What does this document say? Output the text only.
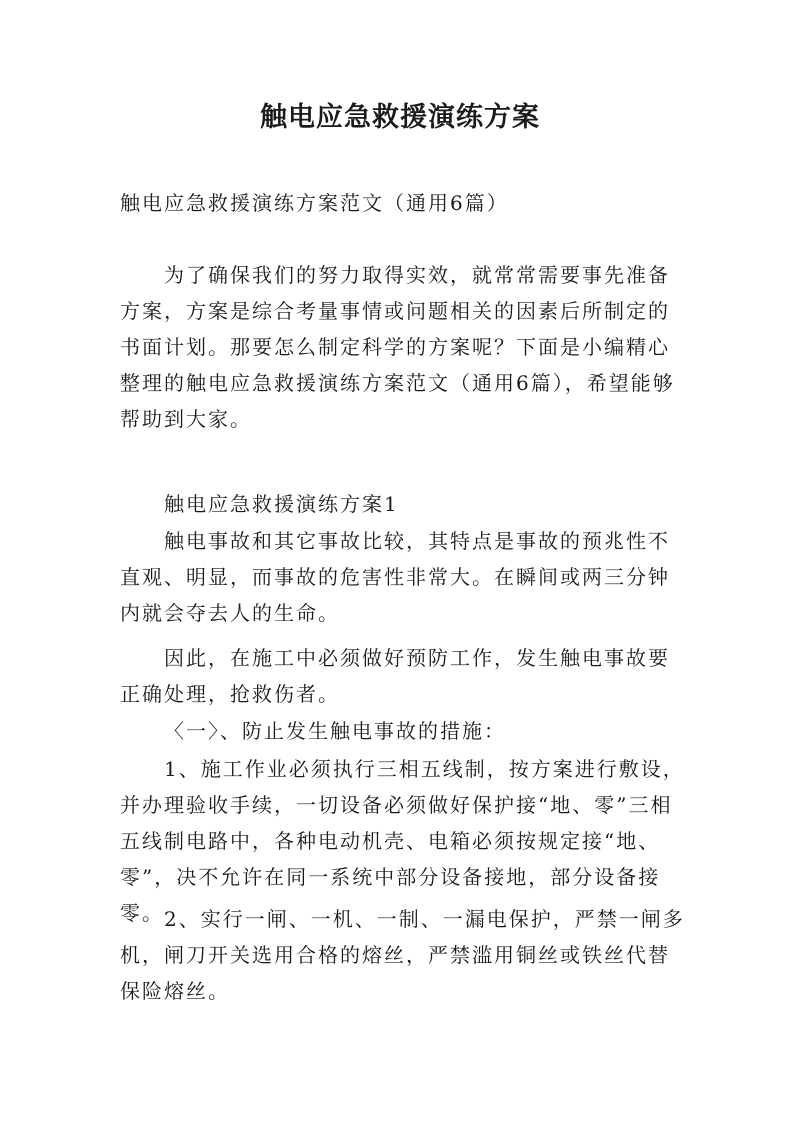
触电应急救援演练方案

触电应急救援演练方案范文（通用6篇）

为了确保我们的努力取得实效，就常常需要事先准备方案，方案是综合考量事情或问题相关的因素后所制定的书面计划。那要怎么制定科学的方案呢？下面是小编精心整理的触电应急救援演练方案范文（通用6篇），希望能够帮助到大家。

触电应急救援演练方案1

触电事故和其它事故比较，其特点是事故的预兆性不直观、明显，而事故的危害性非常大。在瞬间或两三分钟内就会夺去人的生命。

因此，在施工中必须做好预防工作，发生触电事故要正确处理，抢救伤者。

〈一〉、防止发生触电事故的措施：

1、施工作业必须执行三相五线制，按方案进行敷设，并办理验收手续，一切设备必须做好保护接“地、零”三相五线制电路中，各种电动机壳、电箱必须按规定接“地、零”，决不允许在同一系统中部分设备接地，部分设备接零。 2、实行一闸、一机、一制、一漏电保护，严禁一闸多机，闸刀开关选用合格的熔丝，严禁滥用铜丝或铁丝代替保险熔丝。
